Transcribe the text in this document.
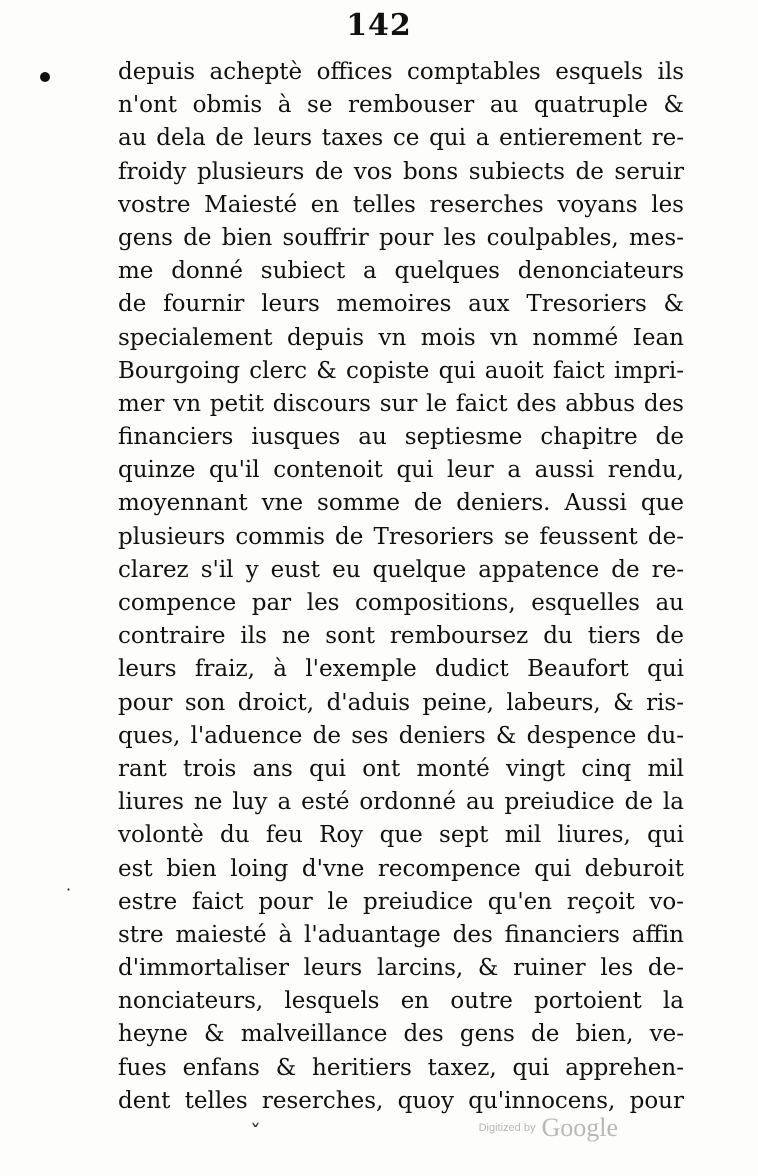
142
·
ˇ
depuis acheptè offices comptables esquels ils
n'ont obmis à se rembouser au quatruple &
au dela de leurs taxes ce qui a entierement re-
froidy plusieurs de vos bons subiects de seruir
vostre Maiesté en telles reserches voyans les
gens de bien souffrir pour les coulpables, mes-
me donné subiect a quelques denonciateurs
de fournir leurs memoires aux Tresoriers &
specialement depuis vn mois vn nommé Iean
Bourgoing clerc & copiste qui auoit faict impri-
mer vn petit discours sur le faict des abbus des
financiers iusques au septiesme chapitre de
quinze qu'il contenoit qui leur a aussi rendu,
moyennant vne somme de deniers. Aussi que
plusieurs commis de Tresoriers se feussent de-
clarez s'il y eust eu quelque appatence de re-
compence par les compositions, esquelles au
contraire ils ne sont remboursez du tiers de
leurs fraiz, à l'exemple dudict Beaufort qui
pour son droict, d'aduis peine, labeurs, & ris-
ques, l'aduence de ses deniers & despence du-
rant trois ans qui ont monté vingt cinq mil
liures ne luy a esté ordonné au preiudice de la
volontè du feu Roy que sept mil liures, qui
est bien loing d'vne recompence qui deburoit
estre faict pour le preiudice qu'en reçoit vo-
stre maiesté à l'aduantage des financiers affin
d'immortaliser leurs larcins, & ruiner les de-
nonciateurs, lesquels en outre portoient la
heyne & malveillance des gens de bien, ve-
fues enfans & heritiers taxez, qui apprehen-
dent telles reserches, quoy qu'innocens, pour
Digitized by Google
